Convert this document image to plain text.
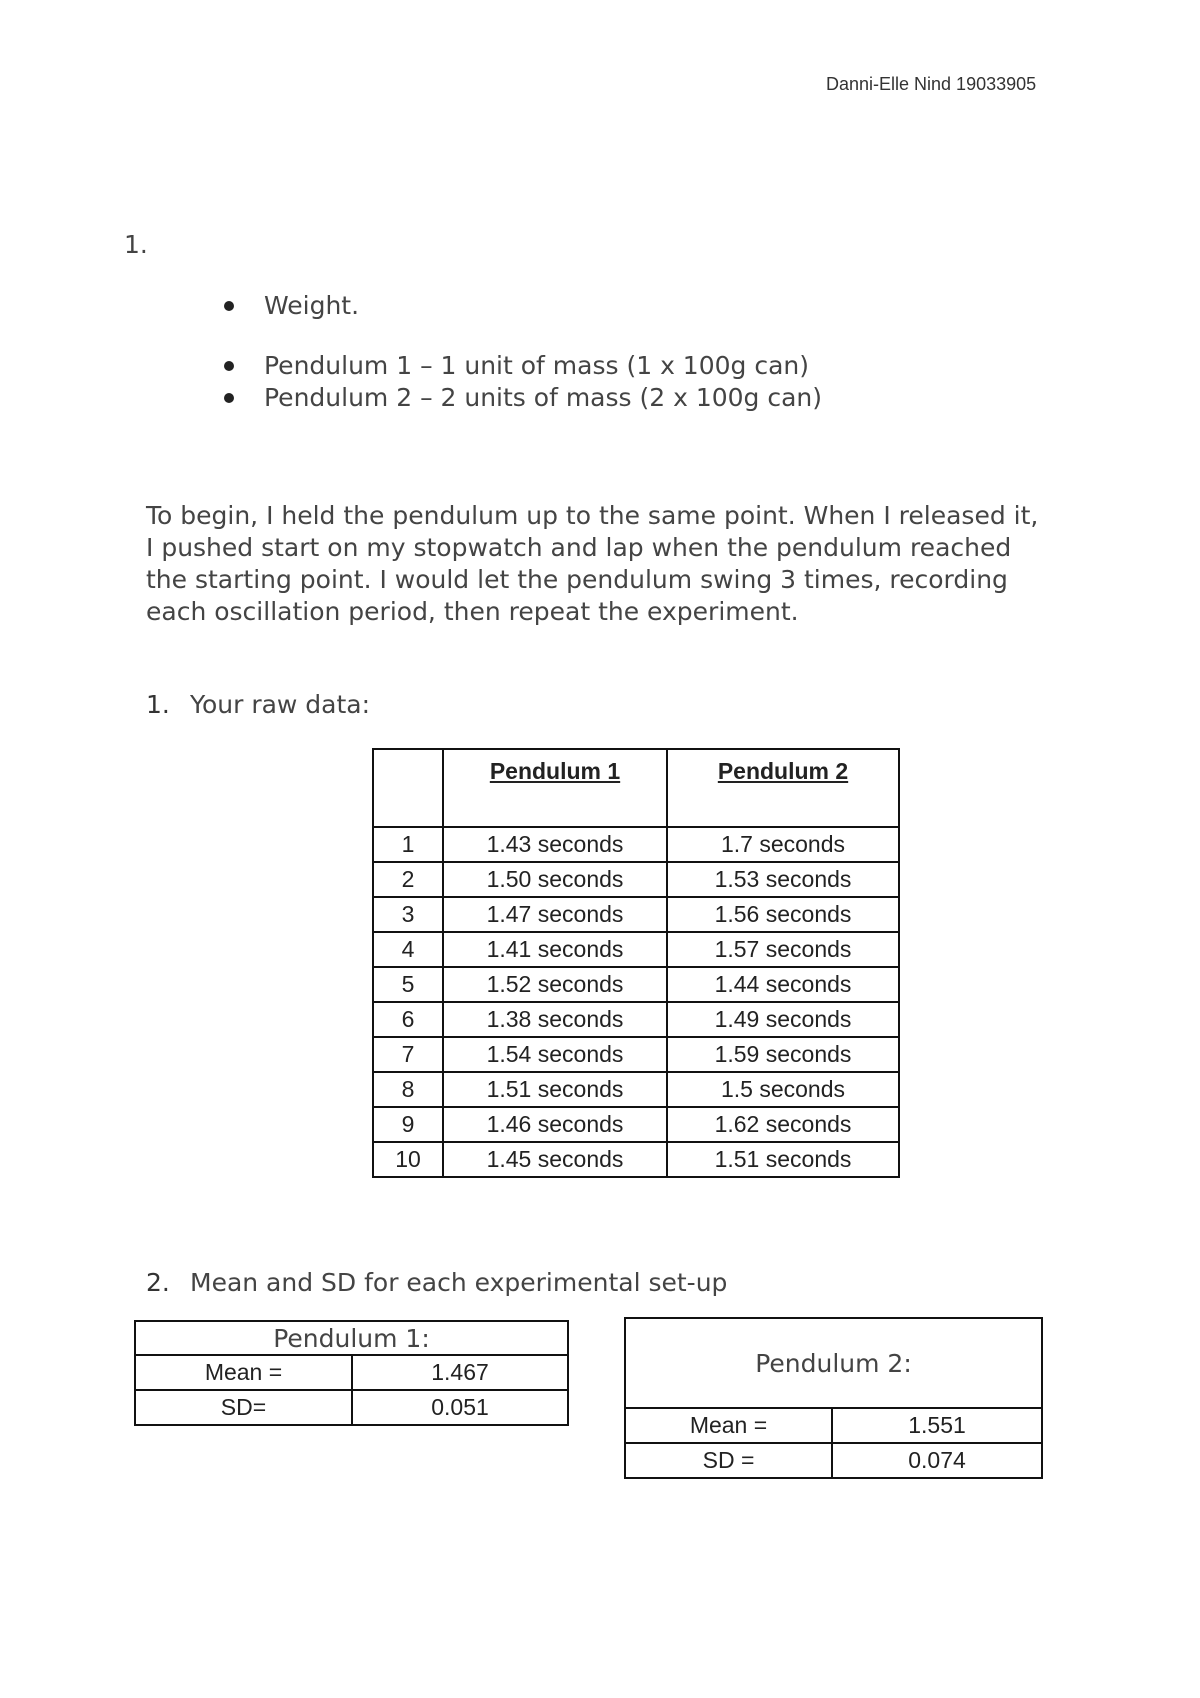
Danni-Elle Nind 19033905
1.
Weight.
Pendulum 1 – 1 unit of mass (1 x 100g can)
Pendulum 2 – 2 units of mass (2 x 100g can)

To begin, I held the pendulum up to the same point. When I released it, I pushed start on my stopwatch and lap when the pendulum reached the starting point. I would let the pendulum swing 3 times, recording each oscillation period, then repeat the experiment.

1. Your raw data:
	Pendulum 1	Pendulum 2
1	1.43 seconds	1.7 seconds
2	1.50 seconds	1.53 seconds
3	1.47 seconds	1.56 seconds
4	1.41 seconds	1.57 seconds
5	1.52 seconds	1.44 seconds
6	1.38 seconds	1.49 seconds
7	1.54 seconds	1.59 seconds
8	1.51 seconds	1.5 seconds
9	1.46 seconds	1.62 seconds
10	1.45 seconds	1.51 seconds
2. Mean and SD for each experimental set-up
Pendulum 1:	
Mean =	1.467
SD=	0.051
Pendulum 2:	
Mean =	1.551
SD =	0.074
